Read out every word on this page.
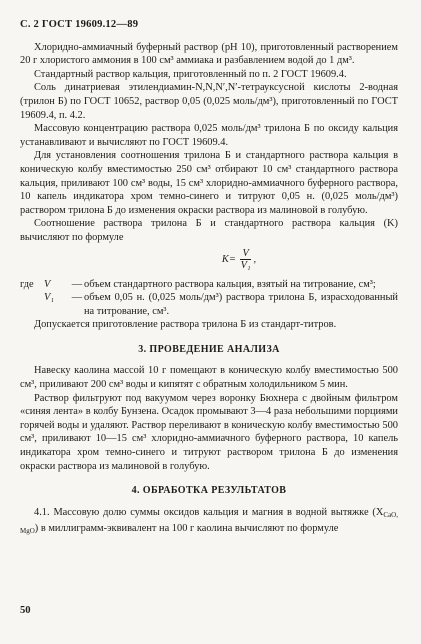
С. 2 ГОСТ 19609.12—89

Хлоридно-аммиачный буферный раствор (pH 10), приготовленный растворением 20 г хлористого аммония в 100 см³ аммиака и разбавлением водой до 1 дм³.

Стандартный раствор кальция, приготовленный по п. 2 ГОСТ 19609.4.

Соль динатриевая этилендиамин-N,N,N′,N′-тетрауксусной кислоты 2-водная (трилон Б) по ГОСТ 10652, раствор 0,05 (0,025 моль/дм³), приготовленный по ГОСТ 19609.4, п. 4.2.

Массовую концентрацию раствора 0,025 моль/дм³ трилона Б по оксиду кальция устанавливают и вычисляют по ГОСТ 19609.4.

Для установления соотношения трилона Б и стандартного раствора кальция в коническую колбу вместимостью 250 см³ отбирают 10 см³ стандартного раствора кальция, приливают 100 см³ воды, 15 см³ хлоридно-аммиачного буферного раствора, 10 капель индикатора хром темно-синего и титруют 0,05 н. (0,025 моль/дм³) раствором трилона Б до изменения окраски раствора из малиновой в голубую.

Соотношение раствора трилона Б и стандартного раствора кальция (K) вычисляют по формуле

$K= \frac{V}{\text{V₁}}$ ,
где V	— объем стандартного раствора кальция, взятый на титрование, см³;
V₁	— объем 0,05 н. (0,025 моль/дм³) раствора трилона Б, израсходованный на титрование, см³.

Допускается приготовление раствора трилона Б из стандарт-титров.

3. ПРОВЕДЕНИЕ АНАЛИЗА

Навеску каолина массой 10 г помещают в коническую колбу вместимостью 500 см³, приливают 200 см³ воды и кипятят с обратным холодильником 5 мин.

Раствор фильтруют под вакуумом через воронку Бюхнера с двойным фильтром «синяя лента» в колбу Бунзена. Осадок промывают 3—4 раза небольшими порциями горячей воды и удаляют. Раствор переливают в коническую колбу вместимостью 500 см³, приливают 10—15 см³ хлоридно-аммиачного буферного раствора, 10 капель индикатора хром темно-синего и титруют раствором трилона Б до изменения окраски раствора из малиновой в голубую.

4. ОБРАБОТКА РЕЗУЛЬТАТОВ

4.1. Массовую долю суммы оксидов кальция и магния в водной вытяжке $(X_{CaO, MgO})$ в миллиграмм-эквивалент на 100 г каолина вычисляют по формуле

50
